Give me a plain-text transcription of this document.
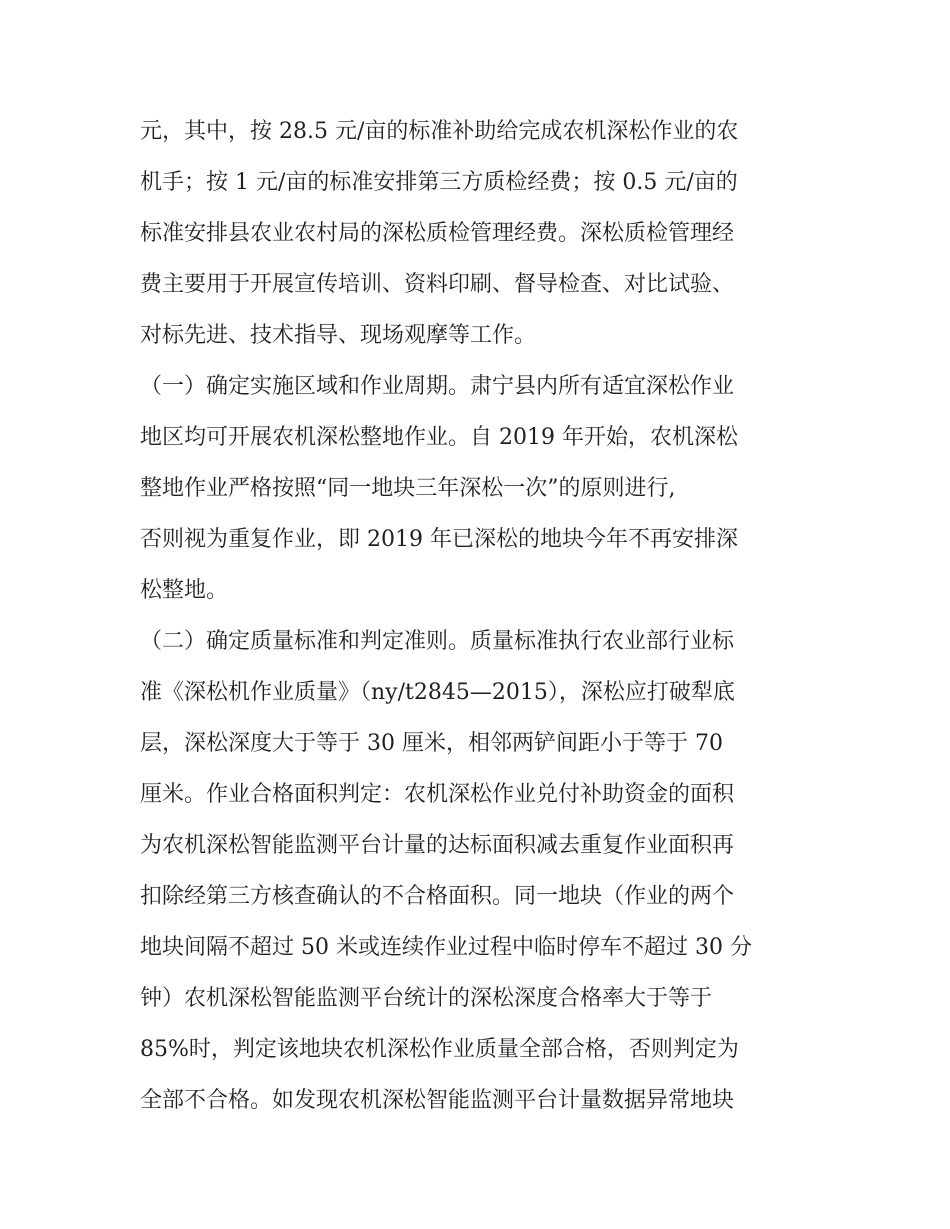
元，其中，按 28.5 元/亩的标准补助给完成农机深松作业的农
机手；按 1 元/亩的标准安排第三方质检经费；按 0.5 元/亩的
标准安排县农业农村局的深松质检管理经费。深松质检管理经
费主要用于开展宣传培训、资料印刷、督导检查、对比试验、
对标先进、技术指导、现场观摩等工作。
（一）确定实施区域和作业周期。肃宁县内所有适宜深松作业
地区均可开展农机深松整地作业。自 2019 年开始，农机深松
整地作业严格按照“同一地块三年深松一次”的原则进行,
否则视为重复作业，即 2019 年已深松的地块今年不再安排深
松整地。
（二）确定质量标准和判定准则。质量标准执行农业部行业标
准《深松机作业质量》（ny/t2845—2015），深松应打破犁底
层，深松深度大于等于 30 厘米，相邻两铲间距小于等于 70
厘米。作业合格面积判定：农机深松作业兑付补助资金的面积
为农机深松智能监测平台计量的达标面积减去重复作业面积再
扣除经第三方核查确认的不合格面积。同一地块（作业的两个
地块间隔不超过 50 米或连续作业过程中临时停车不超过 30 分
钟）农机深松智能监测平台统计的深松深度合格率大于等于
85%时，判定该地块农机深松作业质量全部合格，否则判定为
全部不合格。如发现农机深松智能监测平台计量数据异常地块
